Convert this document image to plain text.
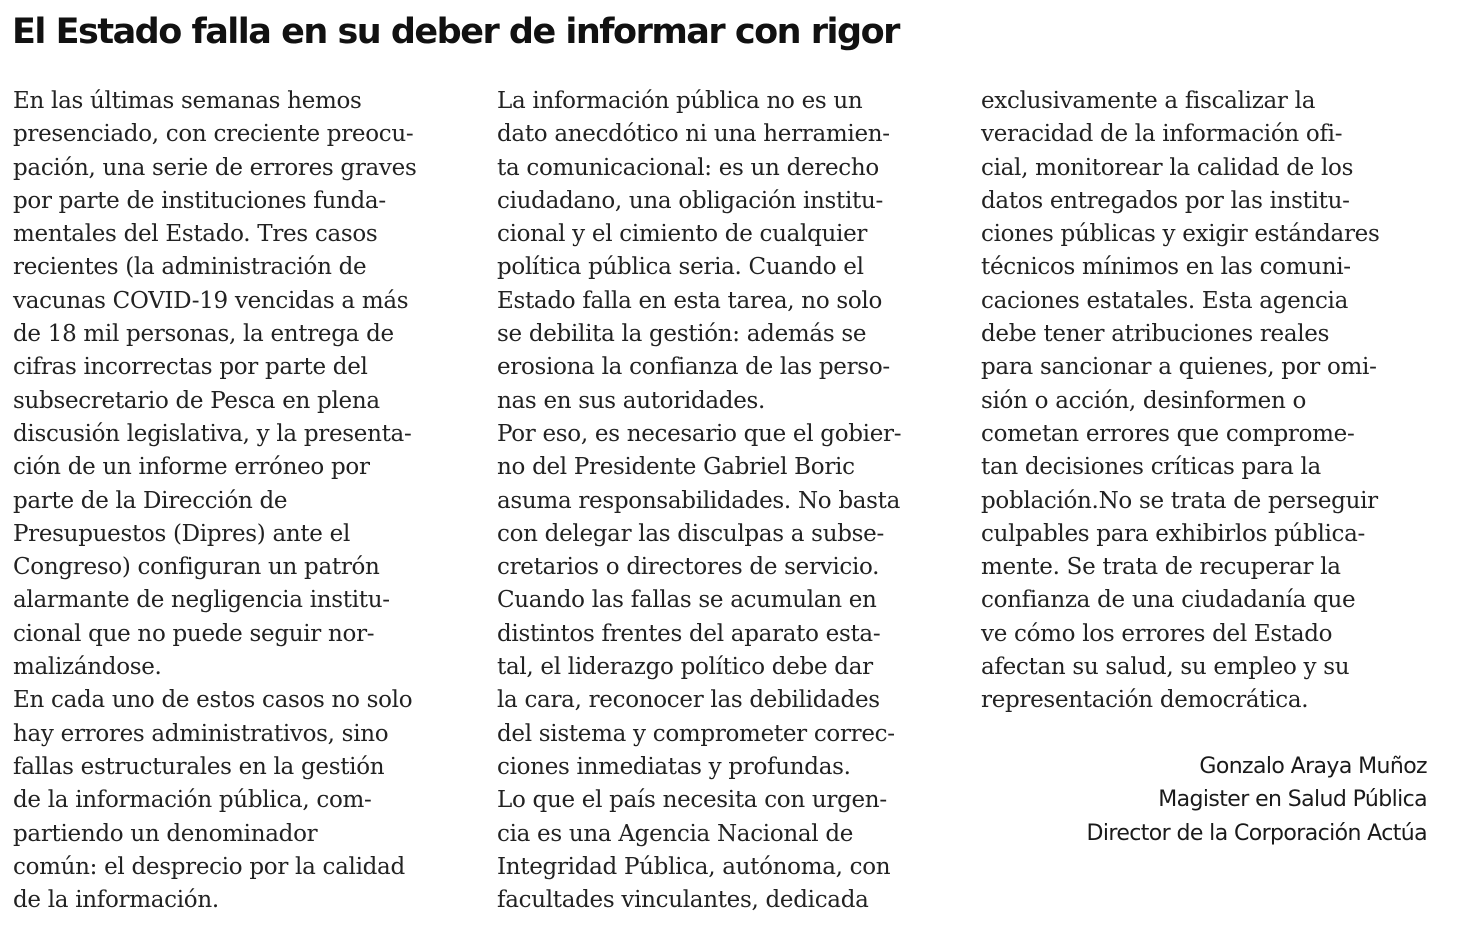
El Estado falla en su deber de informar con rigor
En las últimas semanas hemos
presenciado, con creciente preocu-
pación, una serie de errores graves
por parte de instituciones funda-
mentales del Estado. Tres casos
recientes (la administración de
vacunas COVID-19 vencidas a más
de 18 mil personas, la entrega de
cifras incorrectas por parte del
subsecretario de Pesca en plena
discusión legislativa, y la presenta-
ción de un informe erróneo por
parte de la Dirección de
Presupuestos (Dipres) ante el
Congreso) configuran un patrón
alarmante de negligencia institu-
cional que no puede seguir nor-
malizándose.
En cada uno de estos casos no solo
hay errores administrativos, sino
fallas estructurales en la gestión
de la información pública, com-
partiendo un denominador
común: el desprecio por la calidad
de la información.
La información pública no es un
dato anecdótico ni una herramien-
ta comunicacional: es un derecho
ciudadano, una obligación institu-
cional y el cimiento de cualquier
política pública seria. Cuando el
Estado falla en esta tarea, no solo
se debilita la gestión: además se
erosiona la confianza de las perso-
nas en sus autoridades.
Por eso, es necesario que el gobier-
no del Presidente Gabriel Boric
asuma responsabilidades. No basta
con delegar las disculpas a subse-
cretarios o directores de servicio.
Cuando las fallas se acumulan en
distintos frentes del aparato esta-
tal, el liderazgo político debe dar
la cara, reconocer las debilidades
del sistema y comprometer correc-
ciones inmediatas y profundas.
Lo que el país necesita con urgen-
cia es una Agencia Nacional de
Integridad Pública, autónoma, con
facultades vinculantes, dedicada
exclusivamente a fiscalizar la
veracidad de la información ofi-
cial, monitorear la calidad de los
datos entregados por las institu-
ciones públicas y exigir estándares
técnicos mínimos en las comuni-
caciones estatales. Esta agencia
debe tener atribuciones reales
para sancionar a quienes, por omi-
sión o acción, desinformen o
cometan errores que comprome-
tan decisiones críticas para la
población.No se trata de perseguir
culpables para exhibirlos pública-
mente. Se trata de recuperar la
confianza de una ciudadanía que
ve cómo los errores del Estado
afectan su salud, su empleo y su
representación democrática.
Gonzalo Araya Muñoz
Magister en Salud Pública
Director de la Corporación Actúa
